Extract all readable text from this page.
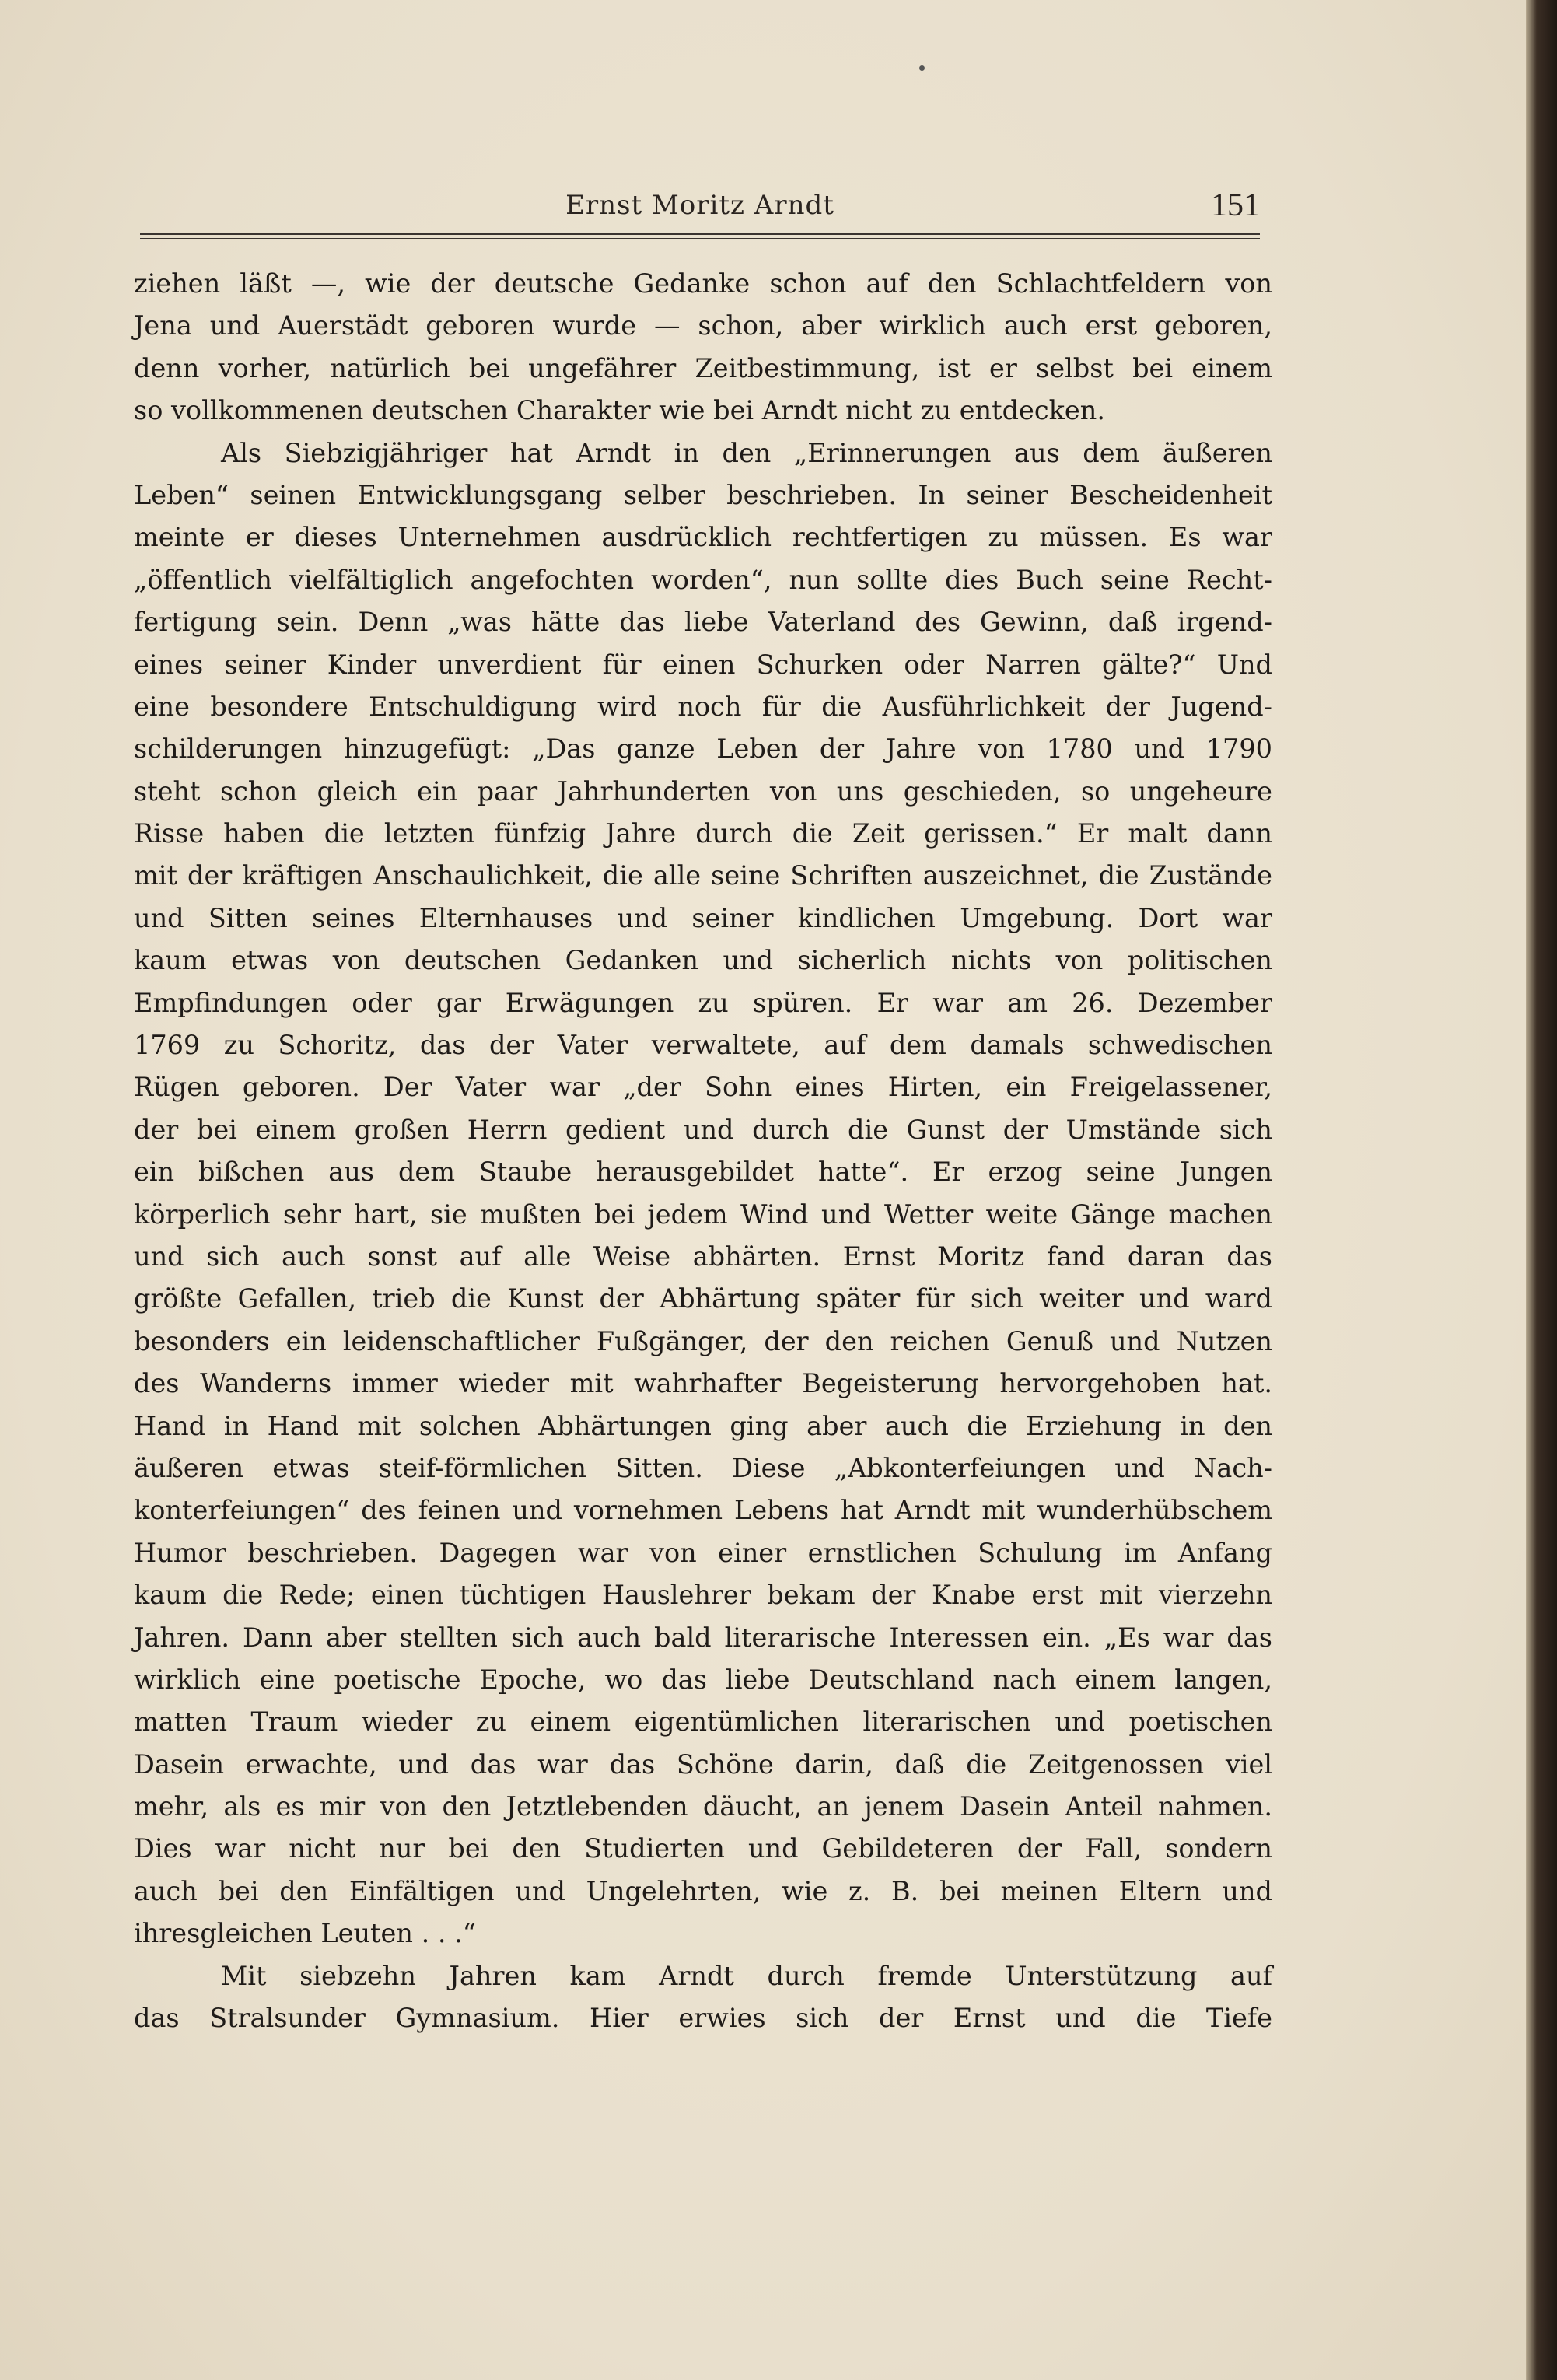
Ernst Moritz Arndt	151
ziehen läßt —, wie der deutsche Gedanke schon auf den Schlachtfeldern von
Jena und Auerstädt geboren wurde — schon, aber wirklich auch erst geboren,
denn vorher, natürlich bei ungefährer Zeitbestimmung, ist er selbst bei einem
so vollkommenen deutschen Charakter wie bei Arndt nicht zu entdecken.
Als Siebzigjähriger hat Arndt in den „Erinnerungen aus dem äußeren
Leben“ seinen Entwicklungsgang selber beschrieben. In seiner Bescheidenheit
meinte er dieses Unternehmen ausdrücklich rechtfertigen zu müssen. Es war
„öffentlich vielfältiglich angefochten worden“, nun sollte dies Buch seine Recht-
fertigung sein. Denn „was hätte das liebe Vaterland des Gewinn, daß irgend-
eines seiner Kinder unverdient für einen Schurken oder Narren gälte?“ Und
eine besondere Entschuldigung wird noch für die Ausführlichkeit der Jugend-
schilderungen hinzugefügt: „Das ganze Leben der Jahre von 1780 und 1790
steht schon gleich ein paar Jahrhunderten von uns geschieden, so ungeheure
Risse haben die letzten fünfzig Jahre durch die Zeit gerissen.“ Er malt dann
mit der kräftigen Anschaulichkeit, die alle seine Schriften auszeichnet, die Zustände
und Sitten seines Elternhauses und seiner kindlichen Umgebung. Dort war
kaum etwas von deutschen Gedanken und sicherlich nichts von politischen
Empfindungen oder gar Erwägungen zu spüren. Er war am 26. Dezember
1769 zu Schoritz, das der Vater verwaltete, auf dem damals schwedischen
Rügen geboren. Der Vater war „der Sohn eines Hirten, ein Freigelassener,
der bei einem großen Herrn gedient und durch die Gunst der Umstände sich
ein bißchen aus dem Staube herausgebildet hatte“. Er erzog seine Jungen
körperlich sehr hart, sie mußten bei jedem Wind und Wetter weite Gänge machen
und sich auch sonst auf alle Weise abhärten. Ernst Moritz fand daran das
größte Gefallen, trieb die Kunst der Abhärtung später für sich weiter und ward
besonders ein leidenschaftlicher Fußgänger, der den reichen Genuß und Nutzen
des Wanderns immer wieder mit wahrhafter Begeisterung hervorgehoben hat.
Hand in Hand mit solchen Abhärtungen ging aber auch die Erziehung in den
äußeren etwas steif-förmlichen Sitten. Diese „Abkonterfeiungen und Nach-
konterfeiungen“ des feinen und vornehmen Lebens hat Arndt mit wunderhübschem
Humor beschrieben. Dagegen war von einer ernstlichen Schulung im Anfang
kaum die Rede; einen tüchtigen Hauslehrer bekam der Knabe erst mit vierzehn
Jahren. Dann aber stellten sich auch bald literarische Interessen ein. „Es war das
wirklich eine poetische Epoche, wo das liebe Deutschland nach einem langen,
matten Traum wieder zu einem eigentümlichen literarischen und poetischen
Dasein erwachte, und das war das Schöne darin, daß die Zeitgenossen viel
mehr, als es mir von den Jetztlebenden däucht, an jenem Dasein Anteil nahmen.
Dies war nicht nur bei den Studierten und Gebildeteren der Fall, sondern
auch bei den Einfältigen und Ungelehrten, wie z. B. bei meinen Eltern und
ihresgleichen Leuten . . .“
Mit siebzehn Jahren kam Arndt durch fremde Unterstützung auf
das Stralsunder Gymnasium. Hier erwies sich der Ernst und die Tiefe
